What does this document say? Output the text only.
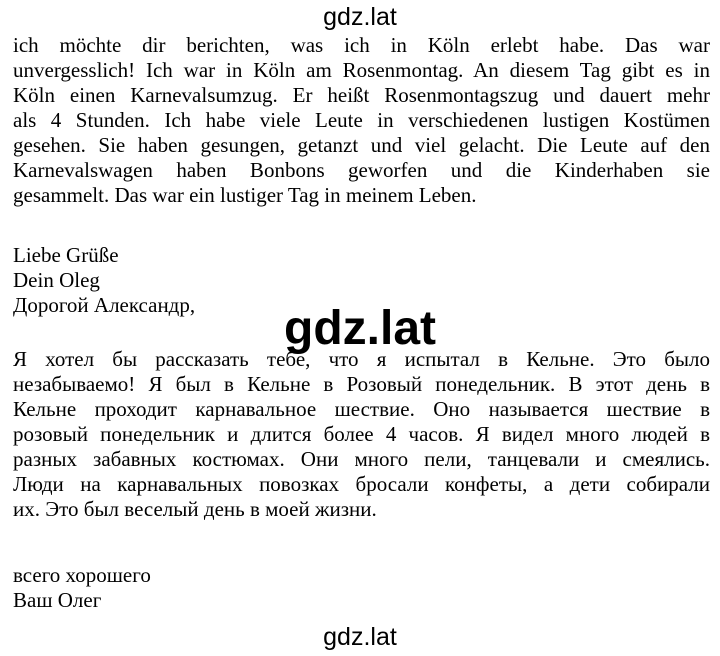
gdz.lat
ich möchte dir berichten, was ich in Köln erlebt habe. Das war
unvergesslich! Ich war in Köln am Rosenmontag. An diesem Tag gibt es in
Köln einen Karnevalsumzug. Er heißt Rosenmontagszug und dauert mehr
als 4 Stunden. Ich habe viele Leute in verschiedenen lustigen Kostümen
gesehen. Sie haben gesungen, getanzt und viel gelacht. Die Leute auf den
Karnevalswagen haben Bonbons geworfen und die Kinderhaben sie
gesammelt. Das war ein lustiger Tag in meinem Leben.
Liebe Grüße
Dein Oleg
Дорогой Александр,	gdz.lat
Я хотел бы рассказать тебе, что я испытал в Кельне. Это было
незабываемо! Я был в Кельне в Розовый понедельник. В этот день в
Кельне проходит карнавальное шествие. Оно называется шествие в
розовый понедельник и длится более 4 часов. Я видел много людей в
разных забавных костюмах. Они много пели, танцевали и смеялись.
Люди на карнавальных повозках бросали конфеты, а дети собирали
их. Это был веселый день в моей жизни.
всего хорошего
Ваш Олег
gdz.lat
